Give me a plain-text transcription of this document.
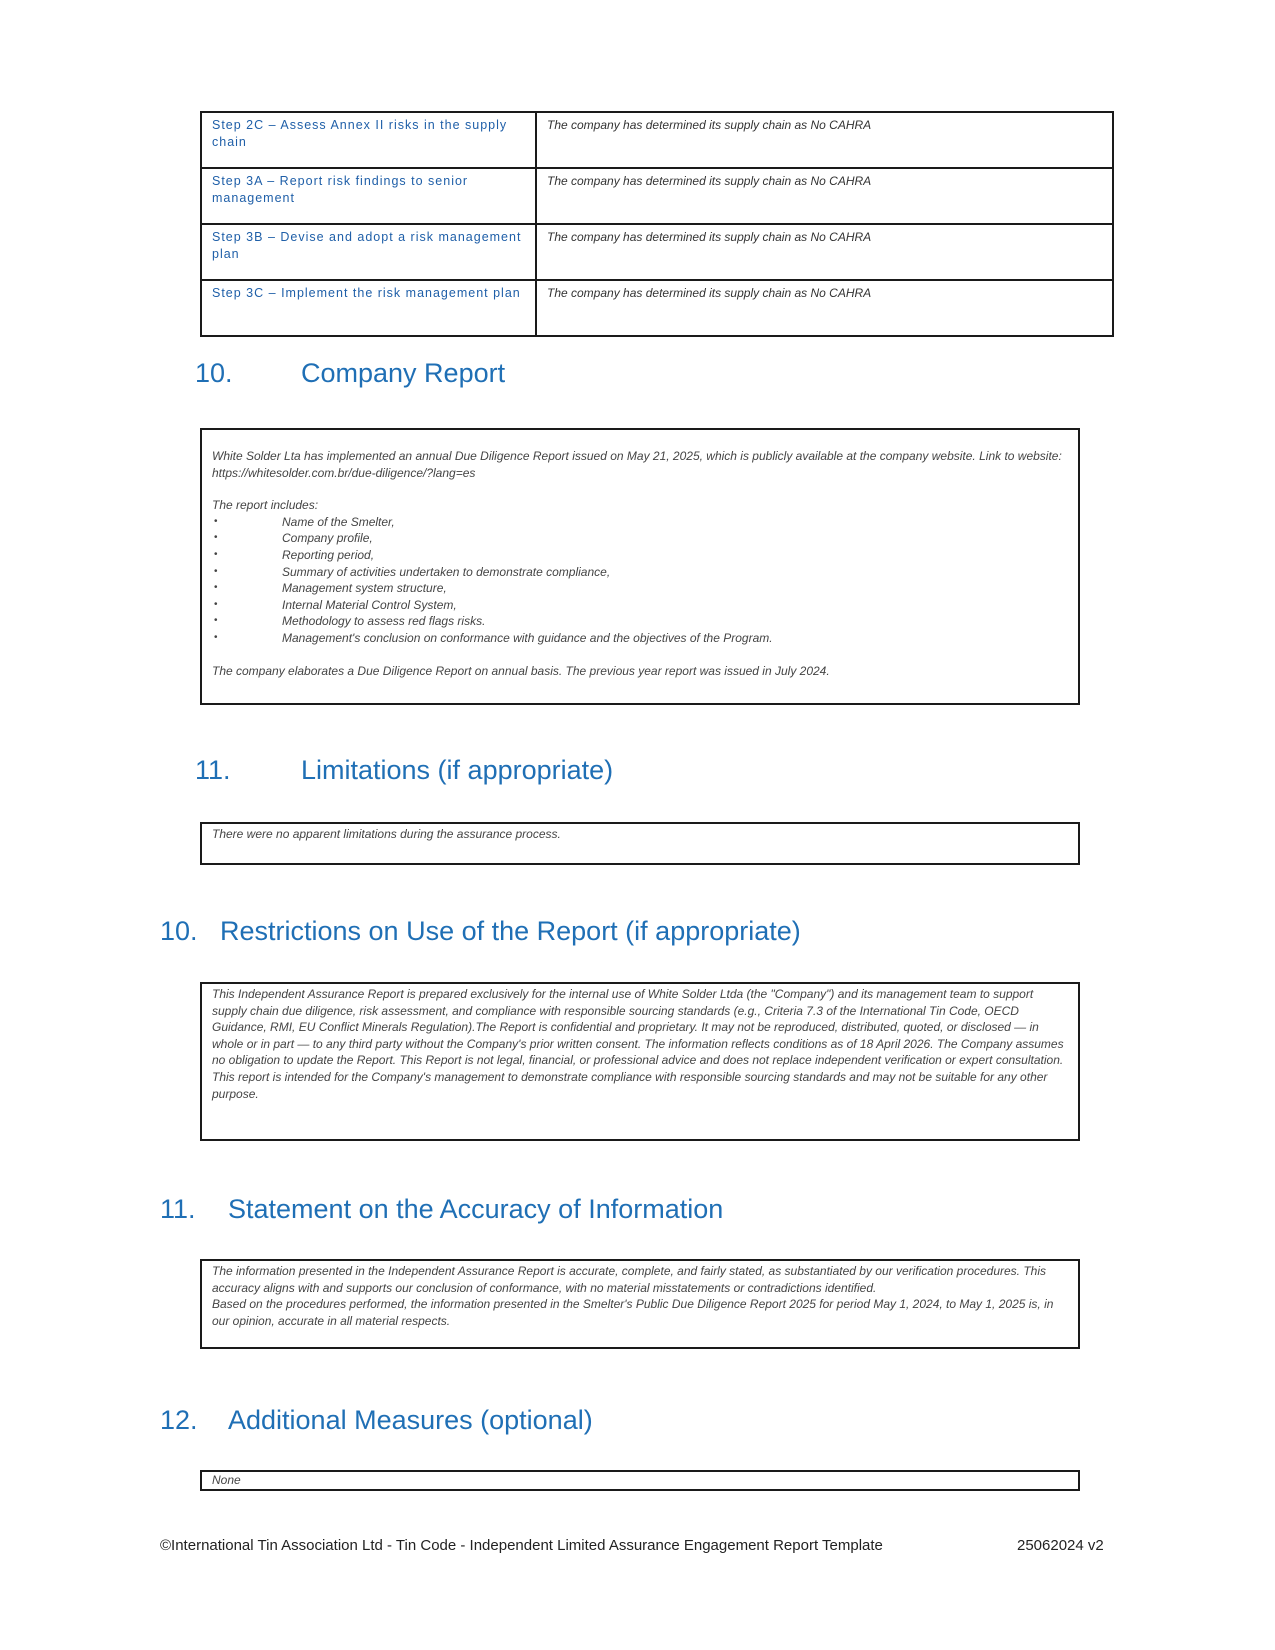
Step 2C – Assess Annex II risks in the supply chain	The company has determined its supply chain as No CAHRA
Step 3A – Report risk findings to senior management	The company has determined its supply chain as No CAHRA
Step 3B – Devise and adopt a risk management plan	The company has determined its supply chain as No CAHRA
Step 3C – Implement the risk management plan	The company has determined its supply chain as No CAHRA
10.	Company Report

White Solder Lta has implemented an annual Due Diligence Report issued on May 21, 2025, which is publicly available at the company website. Link to website: https://whitesolder.com.br/due-diligence/?lang=es

The report includes:

•	Name of the Smelter,
•	Company profile,
•	Reporting period,
•	Summary of activities undertaken to demonstrate compliance,
•	Management system structure,
•	Internal Material Control System,
•	Methodology to assess red flags risks.
•	Management's conclusion on conformance with guidance and the objectives of the Program.

The company elaborates a Due Diligence Report on annual basis. The previous year report was issued in July 2024.

11.	Limitations (if appropriate)

There were no apparent limitations during the assurance process.

10. Restrictions on Use of the Report (if appropriate)

This Independent Assurance Report is prepared exclusively for the internal use of White Solder Ltda (the "Company") and its management team to support supply chain due diligence, risk assessment, and compliance with responsible sourcing standards (e.g., Criteria 7.3 of the International Tin Code, OECD Guidance, RMI, EU Conflict Minerals Regulation).The Report is confidential and proprietary. It may not be reproduced, distributed, quoted, or disclosed — in whole or in part — to any third party without the Company's prior written consent. The information reflects conditions as of 18 April 2026. The Company assumes no obligation to update the Report. This Report is not legal, financial, or professional advice and does not replace independent verification or expert consultation.

This report is intended for the Company's management to demonstrate compliance with responsible sourcing standards and may not be suitable for any other purpose.

11. Statement on the Accuracy of Information

The information presented in the Independent Assurance Report is accurate, complete, and fairly stated, as substantiated by our verification procedures. This accuracy aligns with and supports our conclusion of conformance, with no material misstatements or contradictions identified.

Based on the procedures performed, the information presented in the Smelter's Public Due Diligence Report 2025 for period May 1, 2024, to May 1, 2025 is, in our opinion, accurate in all material respects.

12. Additional Measures (optional)

None

©International Tin Association Ltd - Tin Code - Independent Limited Assurance Engagement Report Template	25062024 v2
